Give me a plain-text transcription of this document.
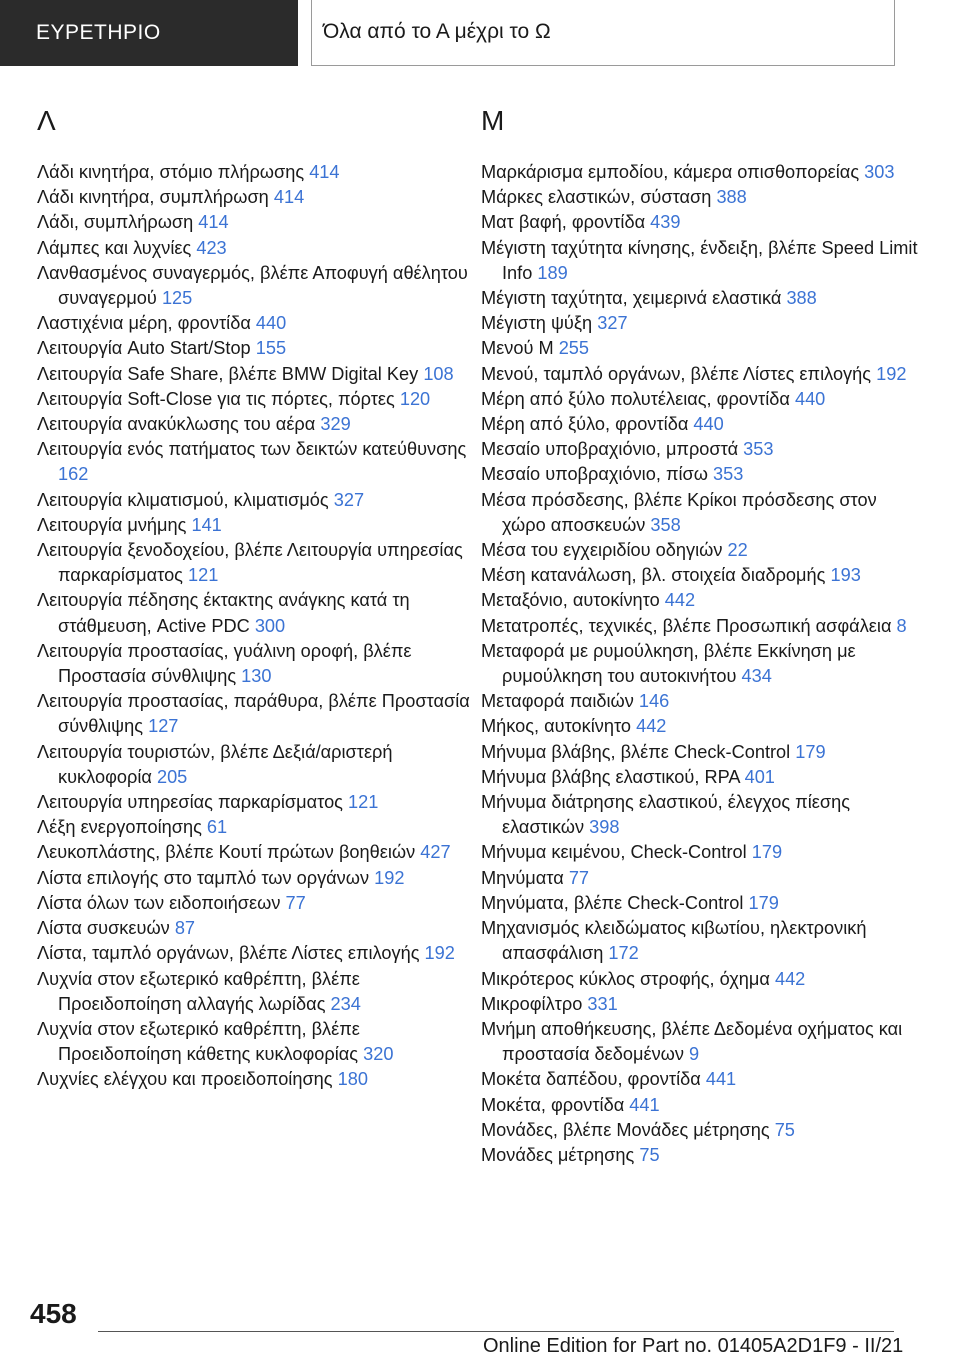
ΕΥΡΕΤΗΡΙΟ	Όλα από το Α μέχρι το Ω
Λ

Λάδι κινητήρα, στόμιο πλήρωσης 414

Λάδι κινητήρα, συμπλήρωση 414

Λάδι, συμπλήρωση 414

Λάμπες και λυχνίες 423

Λανθασμένος συναγερμός, βλέπε Αποφυγή αθέλητου συναγερμού 125

Λαστιχένια μέρη, φροντίδα 440

Λειτουργία Auto Start/Stop 155

Λειτουργία Safe Share, βλέπε BMW Digital Key 108

Λειτουργία Soft‑Close για τις πόρτες, πόρτες 120

Λειτουργία ανακύκλωσης του αέρα 329

Λειτουργία ενός πατήματος των δεικτών κατεύθυνσης 162

Λειτουργία κλιματισμού, κλιματισμός 327

Λειτουργία μνήμης 141

Λειτουργία ξενοδοχείου, βλέπε Λειτουργία υπηρεσίας παρκαρίσματος 121

Λειτουργία πέδησης έκτακτης ανάγκης κατά τη στάθμευση, Active PDC 300

Λειτουργία προστασίας, γυάλινη οροφή, βλέπε Προστασία σύνθλιψης 130

Λειτουργία προστασίας, παράθυρα, βλέπε Προστασία σύνθλιψης 127

Λειτουργία τουριστών, βλέπε Δεξιά/αριστερή κυκλοφορία 205

Λειτουργία υπηρεσίας παρκαρίσματος 121

Λέξη ενεργοποίησης 61

Λευκοπλάστης, βλέπε Κουτί πρώτων βοηθειών 427

Λίστα επιλογής στο ταμπλό των οργάνων 192

Λίστα όλων των ειδοποιήσεων 77

Λίστα συσκευών 87

Λίστα, ταμπλό οργάνων, βλέπε Λίστες επιλογής 192

Λυχνία στον εξωτερικό καθρέπτη, βλέπε Προειδοποίηση αλλαγής λωρίδας 234

Λυχνία στον εξωτερικό καθρέπτη, βλέπε Προειδοποίηση κάθετης κυκλοφορίας 320

Λυχνίες ελέγχου και προειδοποίησης 180

Μ

Μαρκάρισμα εμποδίου, κάμερα οπισθοπορείας 303

Μάρκες ελαστικών, σύσταση 388

Ματ βαφή, φροντίδα 439

Μέγιστη ταχύτητα κίνησης, ένδειξη, βλέπε Speed Limit Info 189

Μέγιστη ταχύτητα, χειμερινά ελαστικά 388

Μέγιστη ψύξη 327

Μενού Μ 255

Μενού, ταμπλό οργάνων, βλέπε Λίστες επιλογής 192

Μέρη από ξύλο πολυτέλειας, φροντίδα 440

Μέρη από ξύλο, φροντίδα 440

Μεσαίο υποβραχιόνιο, μπροστά 353

Μεσαίο υποβραχιόνιο, πίσω 353

Μέσα πρόσδεσης, βλέπε Κρίκοι πρόσδεσης στον χώρο αποσκευών 358

Μέσα του εγχειριδίου οδηγιών 22

Μέση κατανάλωση, βλ. στοιχεία διαδρομής 193

Μεταξόνιο, αυτοκίνητο 442

Μετατροπές, τεχνικές, βλέπε Προσωπική ασφάλεια 8

Μεταφορά με ρυμούλκηση, βλέπε Εκκίνηση με ρυμούλκηση του αυτοκινήτου 434

Μεταφορά παιδιών 146

Μήκος, αυτοκίνητο 442

Μήνυμα βλάβης, βλέπε Check‑Control 179

Μήνυμα βλάβης ελαστικού, RPA 401

Μήνυμα διάτρησης ελαστικού, έλεγχος πίεσης ελαστικών 398

Μήνυμα κειμένου, Check‑Control 179

Μηνύματα 77

Μηνύματα, βλέπε Check‑Control 179

Μηχανισμός κλειδώματος κιβωτίου, ηλεκτρονική απασφάλιση 172

Μικρότερος κύκλος στροφής, όχημα 442

Μικροφίλτρο 331

Μνήμη αποθήκευσης, βλέπε Δεδομένα οχήματος και προστασία δεδομένων 9

Μοκέτα δαπέδου, φροντίδα 441

Μοκέτα, φροντίδα 441

Μονάδες, βλέπε Μονάδες μέτρησης 75

Μονάδες μέτρησης 75

458
Online Edition for Part no. 01405A2D1F9 - II/21
